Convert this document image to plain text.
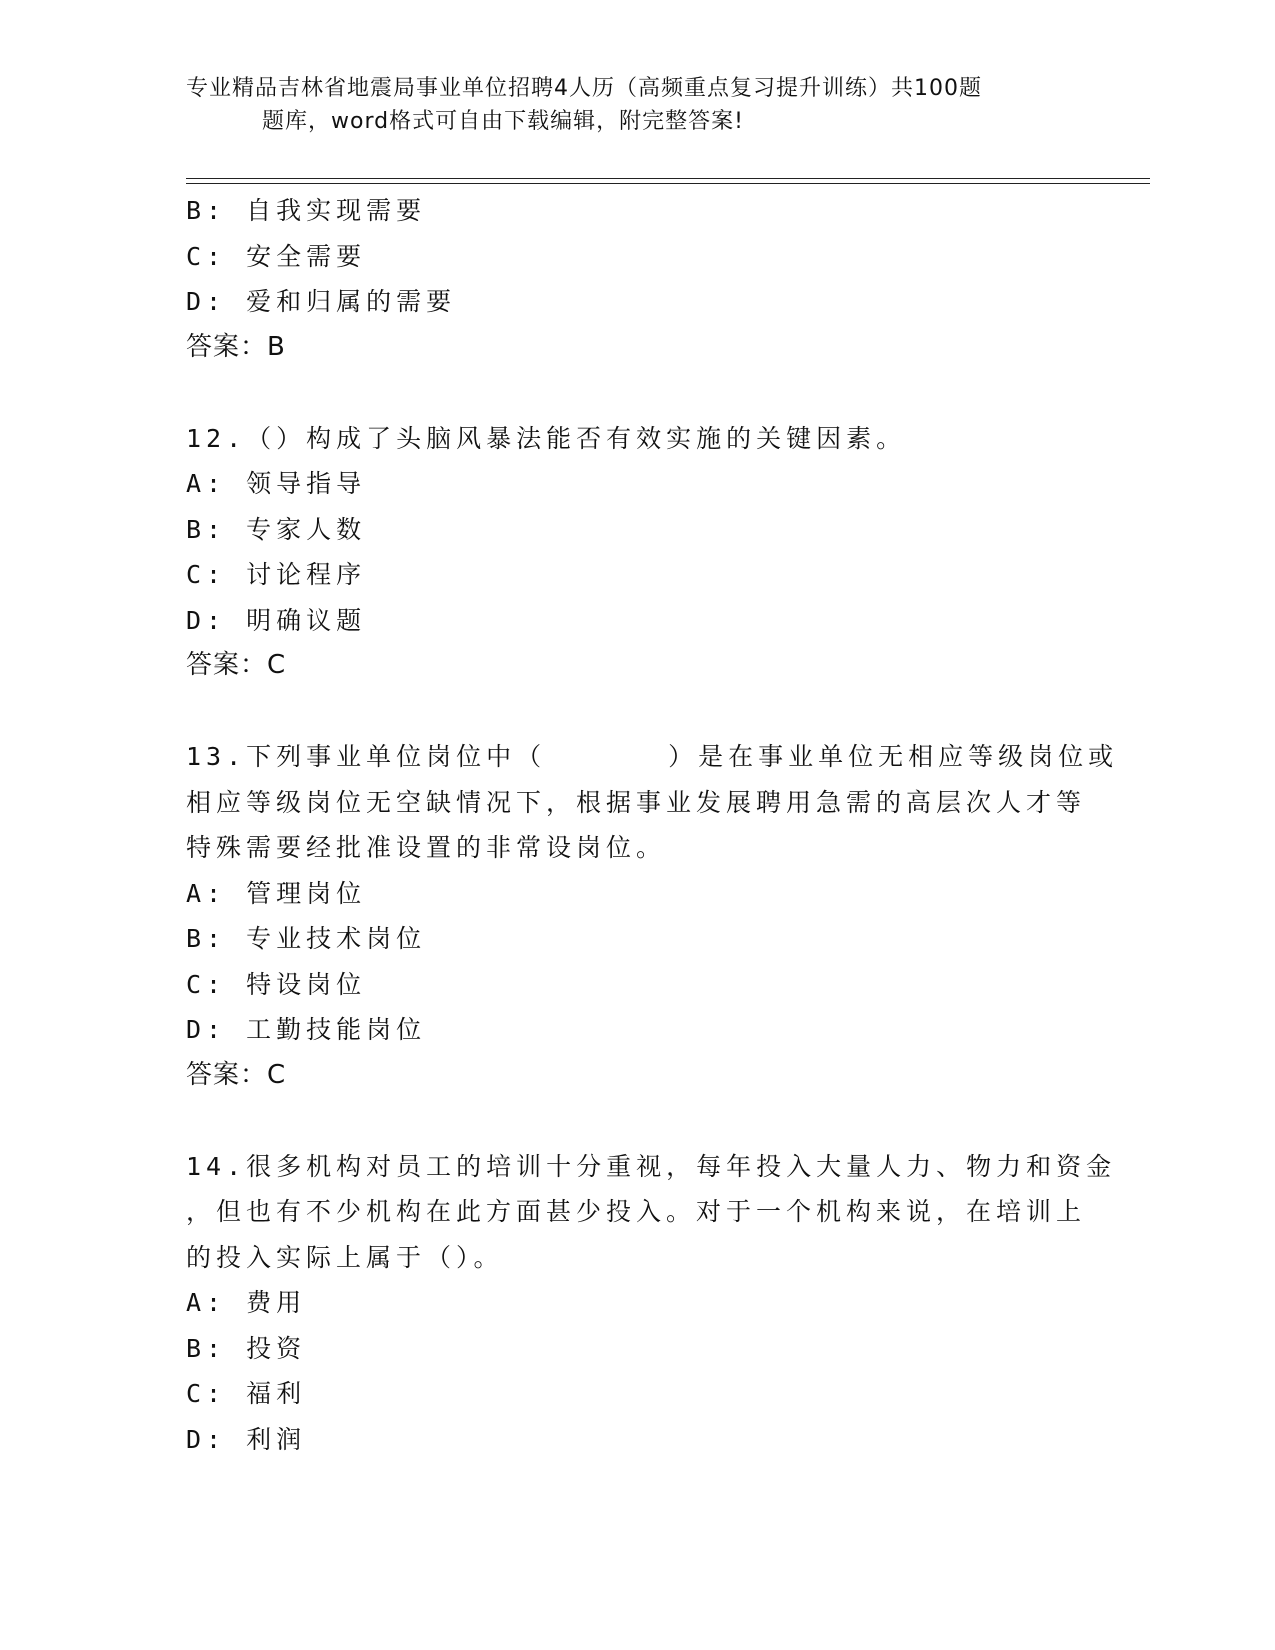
专业精品吉林省地震局事业单位招聘4人历（高频重点复习提升训练）共100题
题库，word格式可自由下载编辑，附完整答案!
B: 自我实现需要
C: 安全需要
D: 爱和归属的需要
答案：B
12.（）构成了头脑风暴法能否有效实施的关键因素。
A: 领导指导
B: 专家人数
C: 讨论程序
D: 明确议题
答案：C
13.下列事业单位岗位中（	）是在事业单位无相应等级岗位或
相应等级岗位无空缺情况下，根据事业发展聘用急需的高层次人才等
特殊需要经批准设置的非常设岗位。
A: 管理岗位
B: 专业技术岗位
C: 特设岗位
D: 工勤技能岗位
答案：C
14.很多机构对员工的培训十分重视，每年投入大量人力、物力和资金
，但也有不少机构在此方面甚少投入。对于一个机构来说，在培训上
的投入实际上属于（）。
A: 费用
B: 投资
C: 福利
D: 利润
